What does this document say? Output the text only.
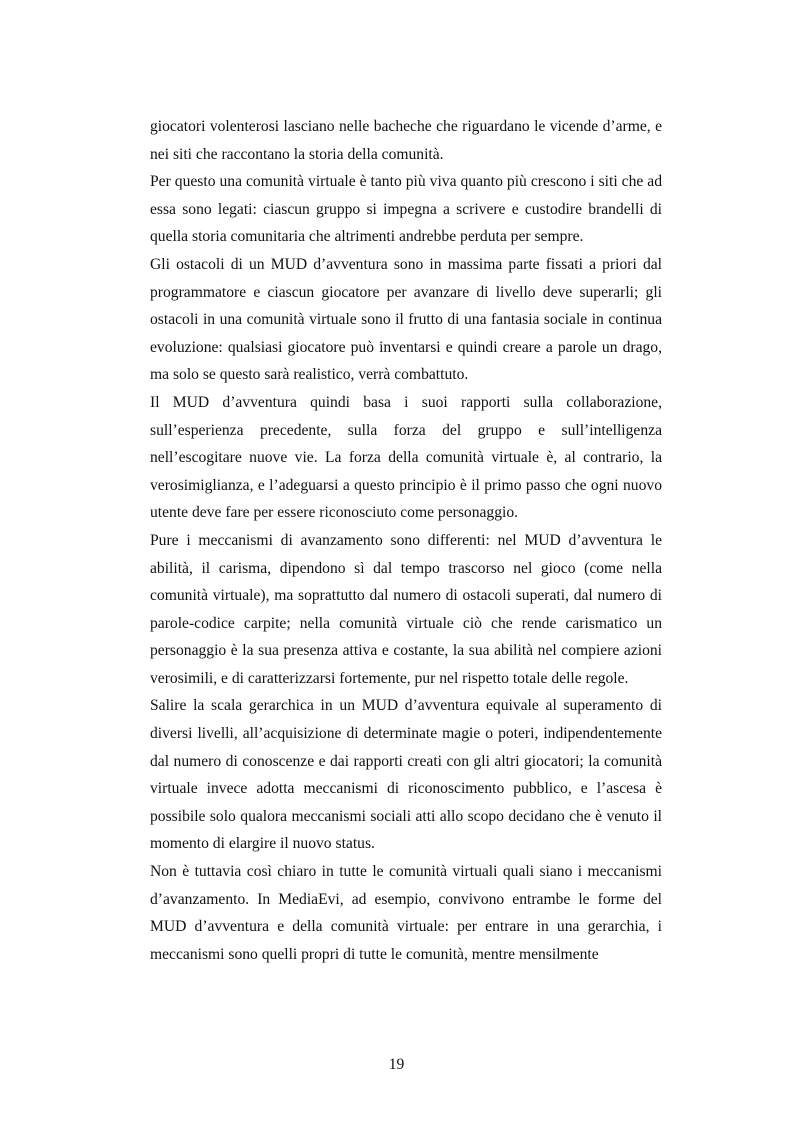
giocatori volenterosi lasciano nelle bacheche che riguardano le vicende d’arme, e nei siti che raccontano la storia della comunità.

Per questo una comunità virtuale è tanto più viva quanto più crescono i siti che ad essa sono legati: ciascun gruppo si impegna a scrivere e custodire brandelli di quella storia comunitaria che altrimenti andrebbe perduta per sempre.

Gli ostacoli di un MUD d’avventura sono in massima parte fissati a priori dal programmatore e ciascun giocatore per avanzare di livello deve superarli; gli ostacoli in una comunità virtuale sono il frutto di una fantasia sociale in continua evoluzione: qualsiasi giocatore può inventarsi e quindi creare a parole un drago, ma solo se questo sarà realistico, verrà combattuto.

Il MUD d’avventura quindi basa i suoi rapporti sulla collaborazione, sull’esperienza precedente, sulla forza del gruppo e sull’intelligenza nell’escogitare nuove vie. La forza della comunità virtuale è, al contrario, la verosimiglianza, e l’adeguarsi a questo principio è il primo passo che ogni nuovo utente deve fare per essere riconosciuto come personaggio.

Pure i meccanismi di avanzamento sono differenti: nel MUD d’avventura le abilità, il carisma, dipendono sì dal tempo trascorso nel gioco (come nella comunità virtuale), ma soprattutto dal numero di ostacoli superati, dal numero di parole-codice carpite; nella comunità virtuale ciò che rende carismatico un personaggio è la sua presenza attiva e costante, la sua abilità nel compiere azioni verosimili, e di caratterizzarsi fortemente, pur nel rispetto totale delle regole.

Salire la scala gerarchica in un MUD d’avventura equivale al superamento di diversi livelli, all’acquisizione di determinate magie o poteri, indipendentemente dal numero di conoscenze e dai rapporti creati con gli altri giocatori; la comunità virtuale invece adotta meccanismi di riconoscimento pubblico, e l’ascesa è possibile solo qualora meccanismi sociali atti allo scopo decidano che è venuto il momento di elargire il nuovo status.

Non è tuttavia così chiaro in tutte le comunità virtuali quali siano i meccanismi d’avanzamento. In MediaEvi, ad esempio, convivono entrambe le forme del MUD d’avventura e della comunità virtuale: per entrare in una gerarchia, i meccanismi sono quelli propri di tutte le comunità, mentre mensilmente

19
